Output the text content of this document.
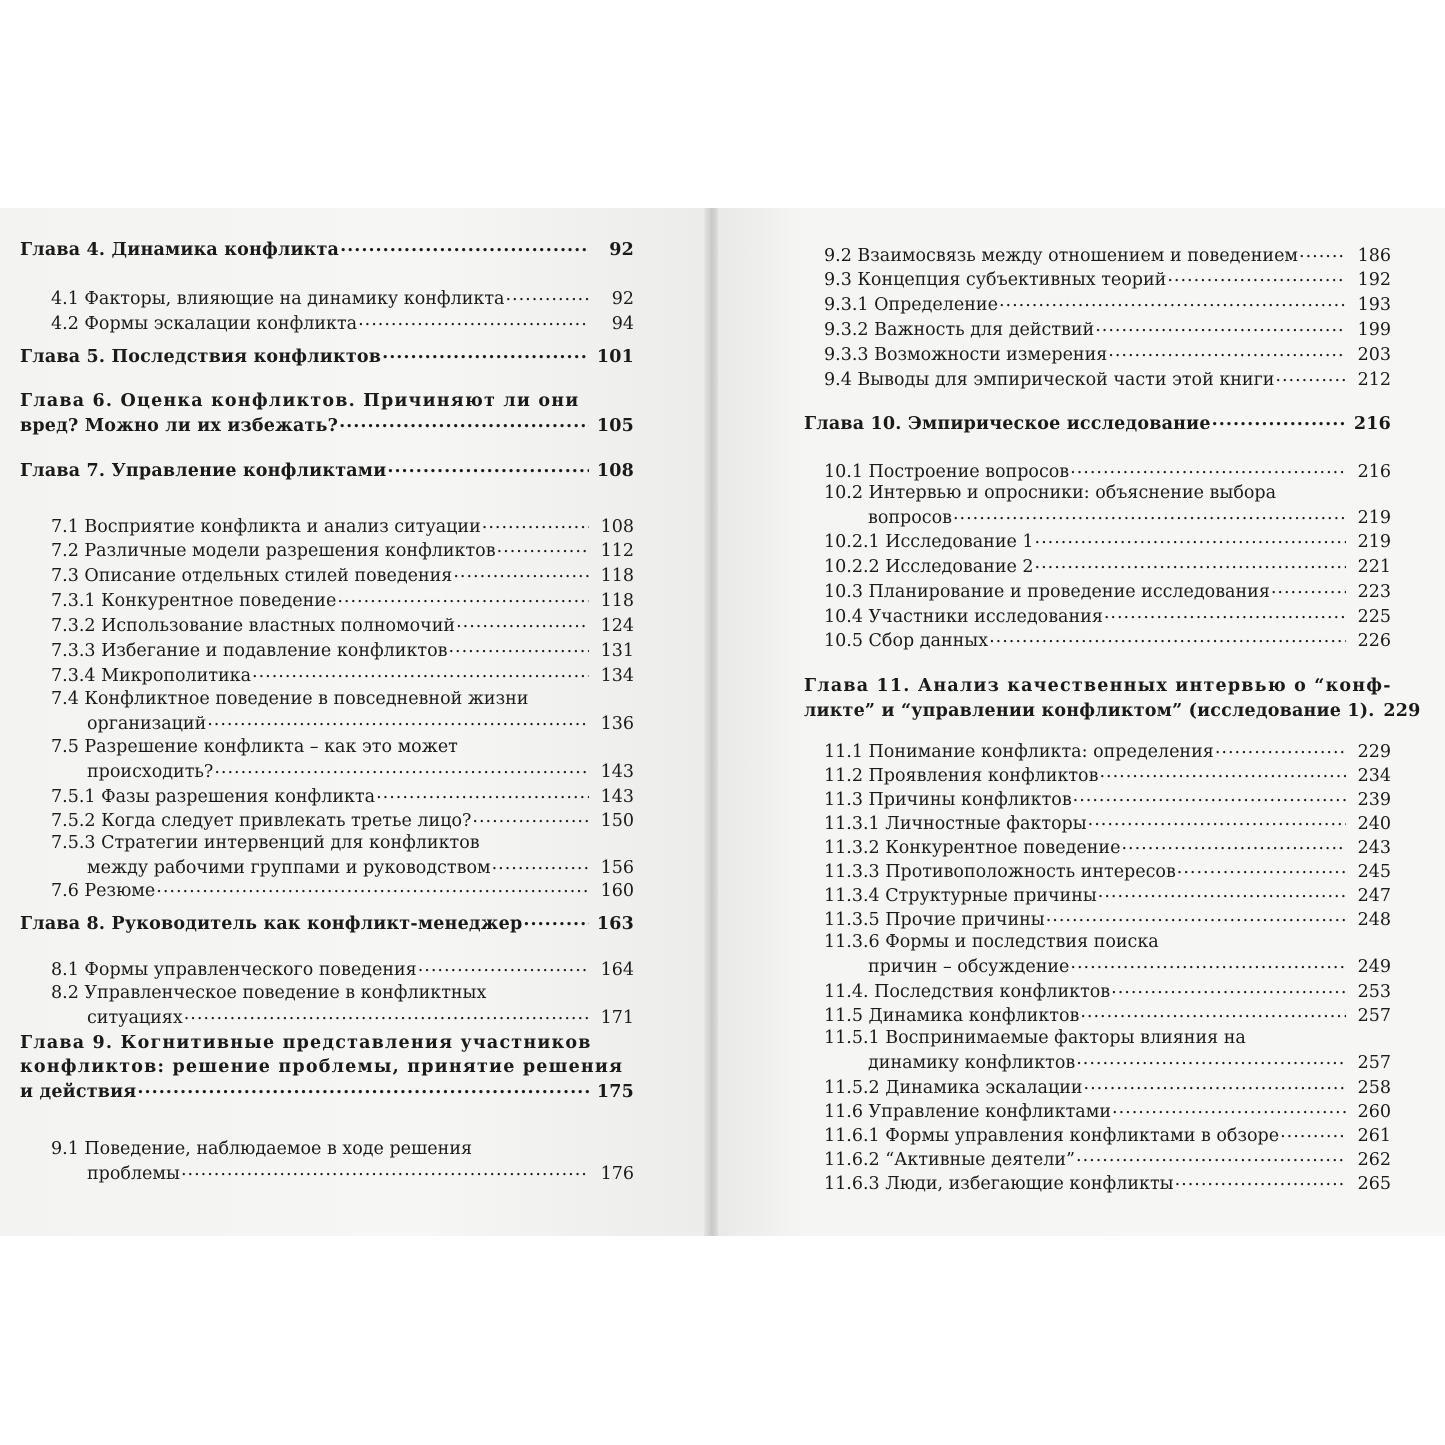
Глава 4. Динамика конфликта .....	92
4.1 Факторы, влияющие на динамику конфликта .....	92
4.2 Формы эскалации конфликта .....	94
Глава 5. Последствия конфликтов .....	101
Глава 6. Оценка конфликтов. Причиняют ли они
вред? Можно ли их избежать? .....	105
Глава 7. Управление конфликтами .....	108
7.1 Восприятие конфликта и анализ ситуации .....	108
7.2 Различные модели разрешения конфликтов .....	112
7.3 Описание отдельных стилей поведения .....	118
7.3.1 Конкурентное поведение .....	118
7.3.2 Использование властных полномочий .....	124
7.3.3 Избегание и подавление конфликтов .....	131
7.3.4 Микрополитика .....	134
7.4 Конфликтное поведение в повседневной жизни
организаций .....	136
7.5 Разрешение конфликта – как это может
происходить? .....	143
7.5.1 Фазы разрешения конфликта .....	143
7.5.2 Когда следует привлекать третье лицо? .....	150
7.5.3 Стратегии интервенций для конфликтов
между рабочими группами и руководством .....	156
7.6 Резюме .....	160
Глава 8. Руководитель как конфликт-менеджер .....	163
8.1 Формы управленческого поведения .....	164
8.2 Управленческое поведение в конфликтных
ситуациях .....	171
Глава 9. Когнитивные представления участников
конфликтов: решение проблемы, принятие решения
и действия .....	175
9.1 Поведение, наблюдаемое в ходе решения
проблемы .....	176
9.2 Взаимосвязь между отношением и поведением .....	186
9.3 Концепция субъективных теорий .....	192
9.3.1 Определение .....	193
9.3.2 Важность для действий .....	199
9.3.3 Возможности измерения .....	203
9.4 Выводы для эмпирической части этой книги .....	212
Глава 10. Эмпирическое исследование .....	216
10.1 Построение вопросов .....	216
10.2 Интервью и опросники: объяснение выбора
вопросов .....	219
10.2.1 Исследование 1 .....	219
10.2.2 Исследование 2 .....	221
10.3 Планирование и проведение исследования .....	223
10.4 Участники исследования .....	225
10.5 Сбор данных .....	226
Глава 11. Анализ качественных интервью о “конф-
ликте” и “управлении конфликтом” (исследование 1). 229
11.1 Понимание конфликта: определения .....	229
11.2 Проявления конфликтов .....	234
11.3 Причины конфликтов .....	239
11.3.1 Личностные факторы .....	240
11.3.2 Конкурентное поведение .....	243
11.3.3 Противоположность интересов .....	245
11.3.4 Структурные причины .....	247
11.3.5 Прочие причины .....	248
11.3.6 Формы и последствия поиска
причин – обсуждение .....	249
11.4. Последствия конфликтов .....	253
11.5 Динамика конфликтов .....	257
11.5.1 Воспринимаемые факторы влияния на
динамику конфликтов .....	257
11.5.2 Динамика эскалации .....	258
11.6 Управление конфликтами .....	260
11.6.1 Формы управления конфликтами в обзоре .....	261
11.6.2 “Активные деятели” .....	262
11.6.3 Люди, избегающие конфликты .....	265
